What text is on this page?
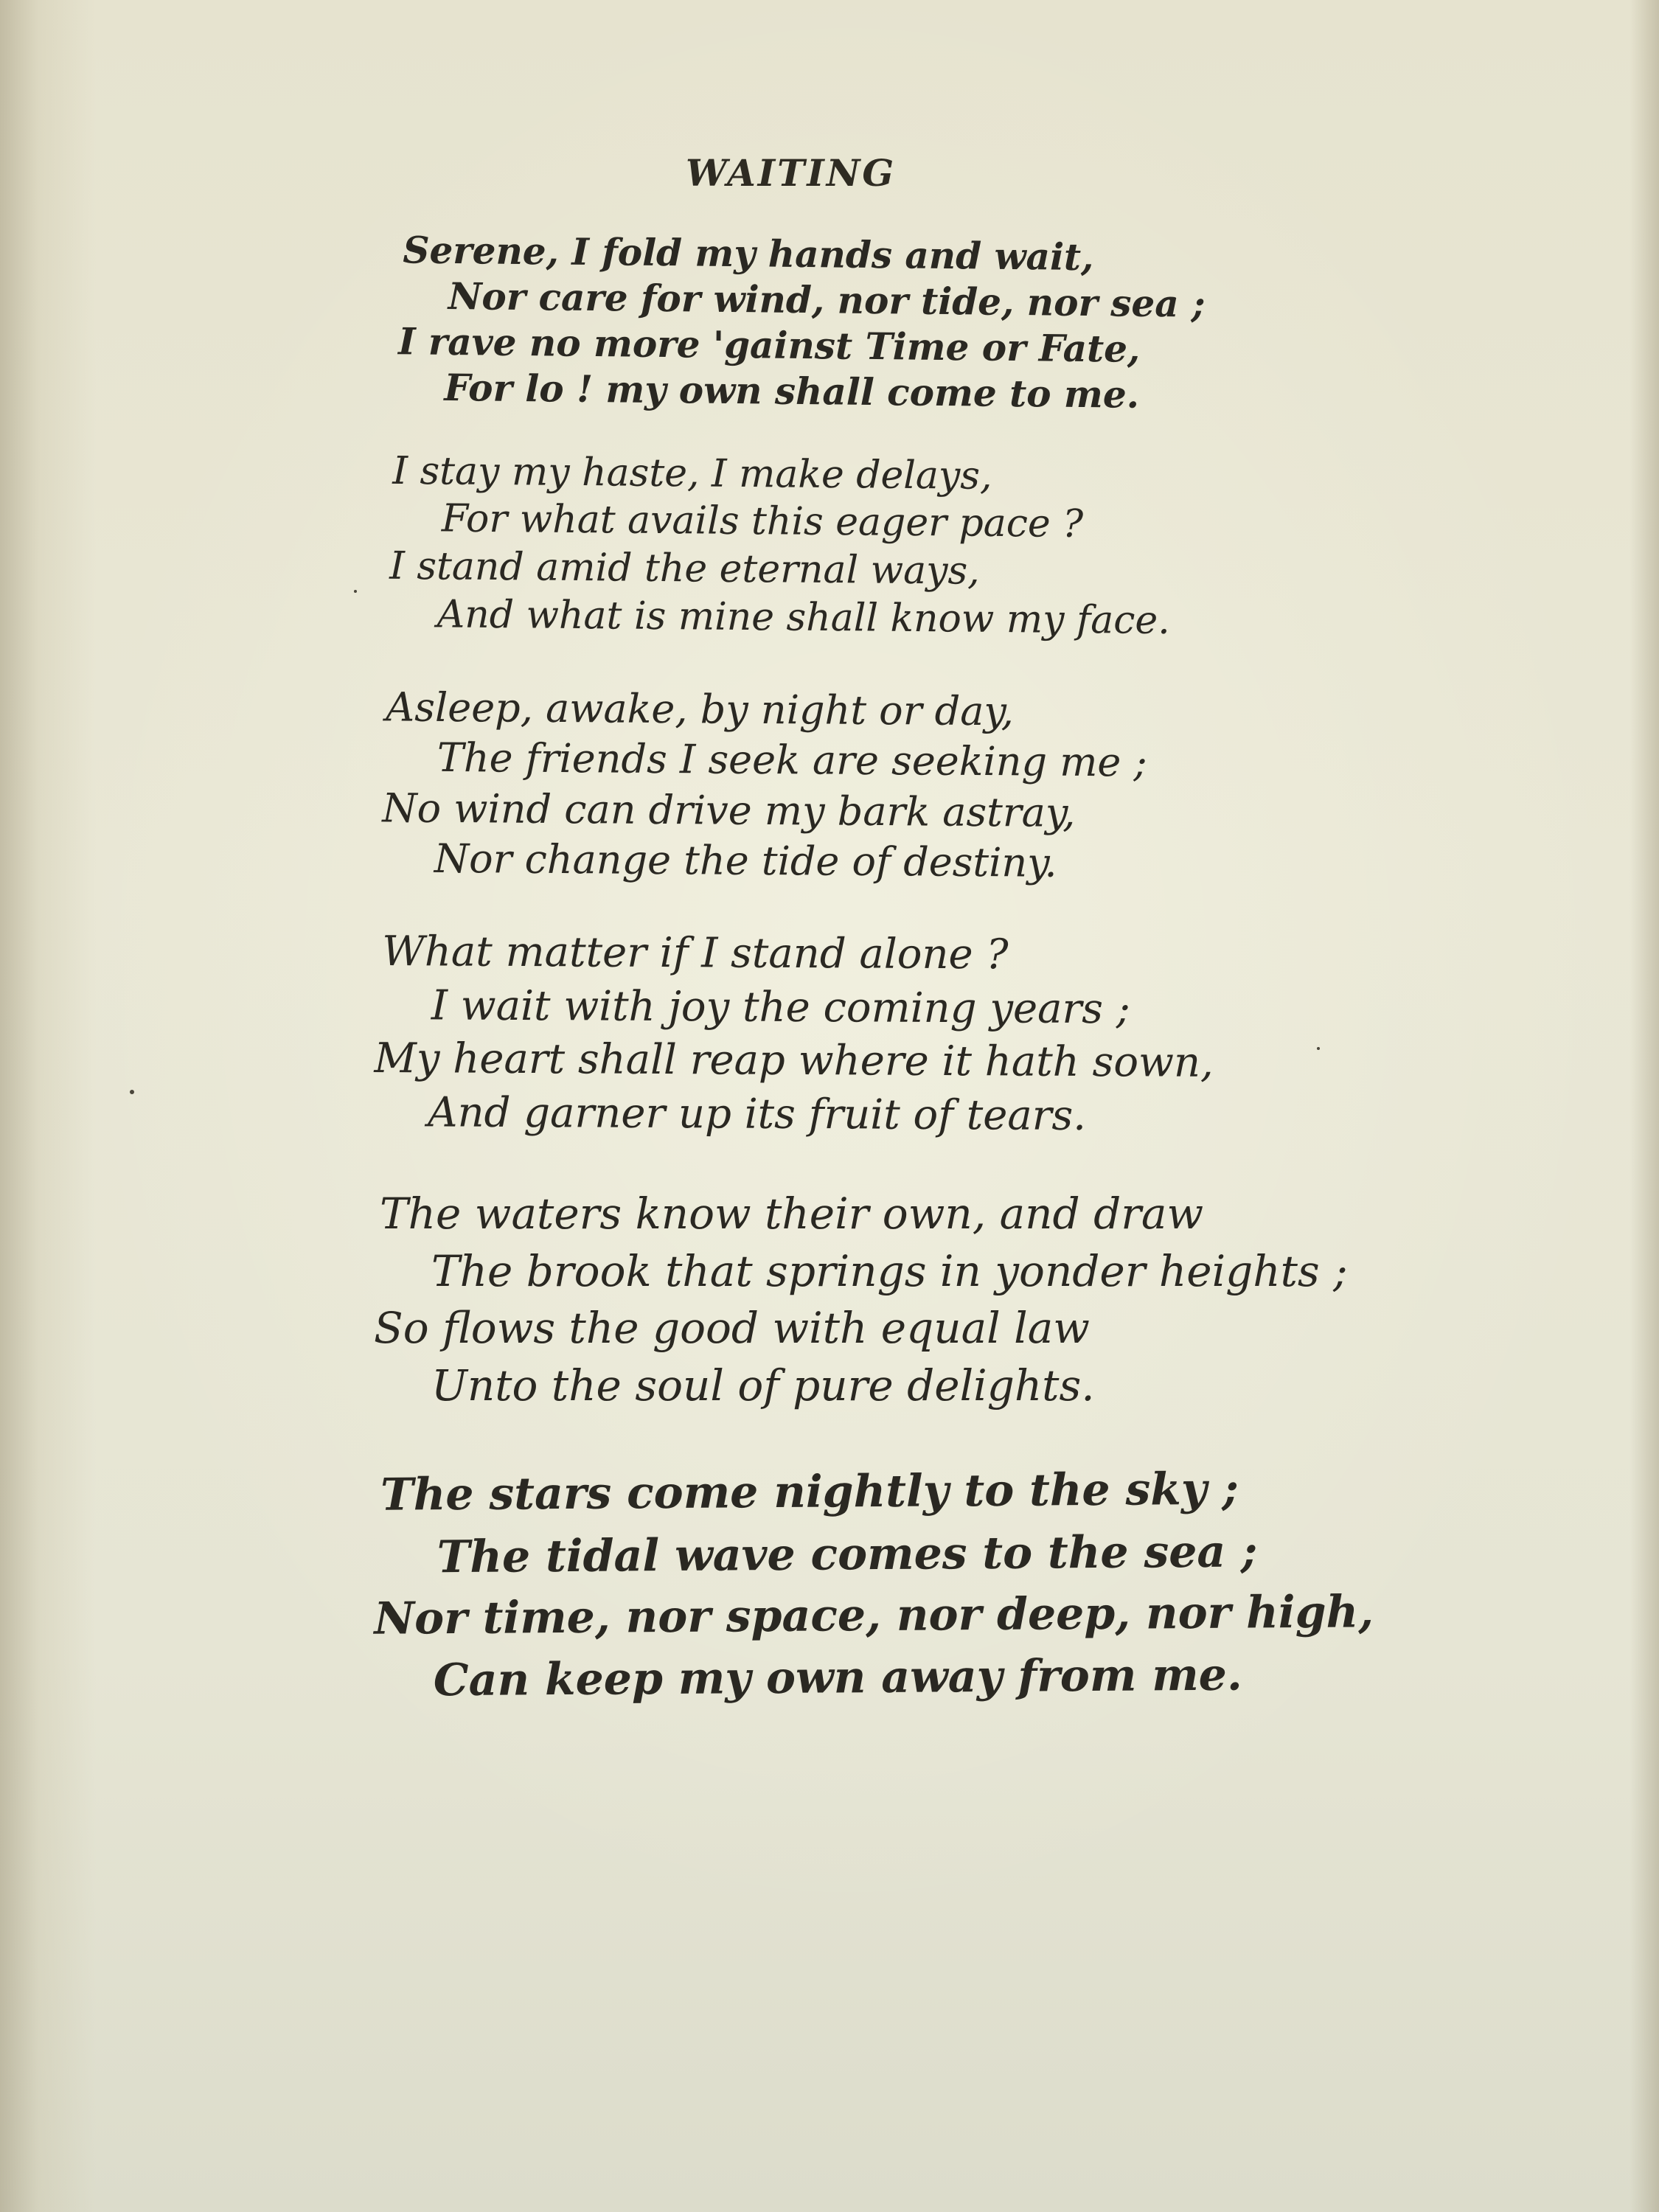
WAITING

Serene, I fold my hands and wait,

Nor care for wind, nor tide, nor sea ;

I rave no more 'gainst Time or Fate,

For lo ! my own shall come to me.

I stay my haste, I make delays,

For what avails this eager pace ?

I stand amid the eternal ways,

And what is mine shall know my face.

Asleep, awake, by night or day,

The friends I seek are seeking me ;

No wind can drive my bark astray,

Nor change the tide of destiny.

What matter if I stand alone ?

I wait with joy the coming years ;

My heart shall reap where it hath sown,

And garner up its fruit of tears.

The waters know their own, and draw

The brook that springs in yonder heights ;

So flows the good with equal law

Unto the soul of pure delights.

The stars come nightly to the sky ;

The tidal wave comes to the sea ;

Nor time, nor space, nor deep, nor high,

Can keep my own away from me.
